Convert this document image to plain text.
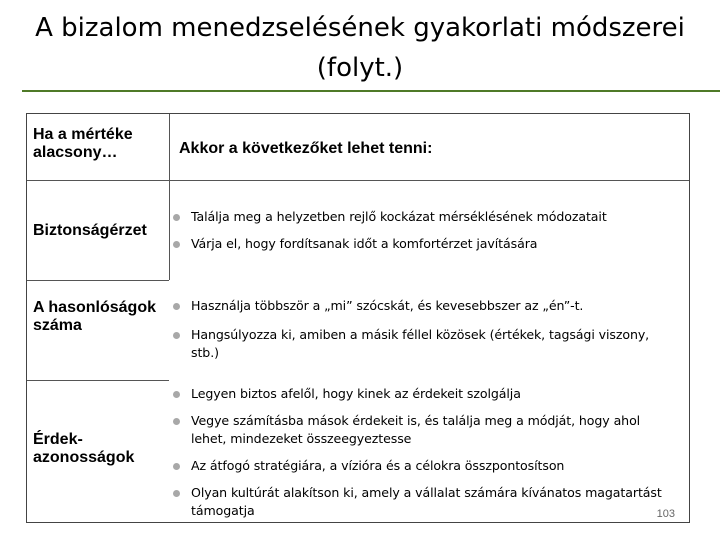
A bizalom menedzselésének gyakorlati módszerei
(folyt.)
Ha a mértéke alacsony…	Akkor a következőket lehet tenni:
Biztonságérzet
A hasonlóságok száma
Érdek-azonosságok
Találja meg a helyzetben rejlő kockázat mérséklésének módozatait
Várja el, hogy fordítsanak időt a komfortérzet javítására
Használja többször a „mi” szócskát, és kevesebbszer az „én”-t.
Hangsúlyozza ki, amiben a másik féllel közösek (értékek, tagsági viszony, stb.)
Legyen biztos afelől, hogy kinek az érdekeit szolgálja
Vegye számításba mások érdekeit is, és találja meg a módját, hogy ahol lehet, mindezeket összeegyeztesse
Az átfogó stratégiára, a vízióra és a célokra összpontosítson
Olyan kultúrát alakítson ki, amely a vállalat számára kívánatos magatartást támogatja	103
